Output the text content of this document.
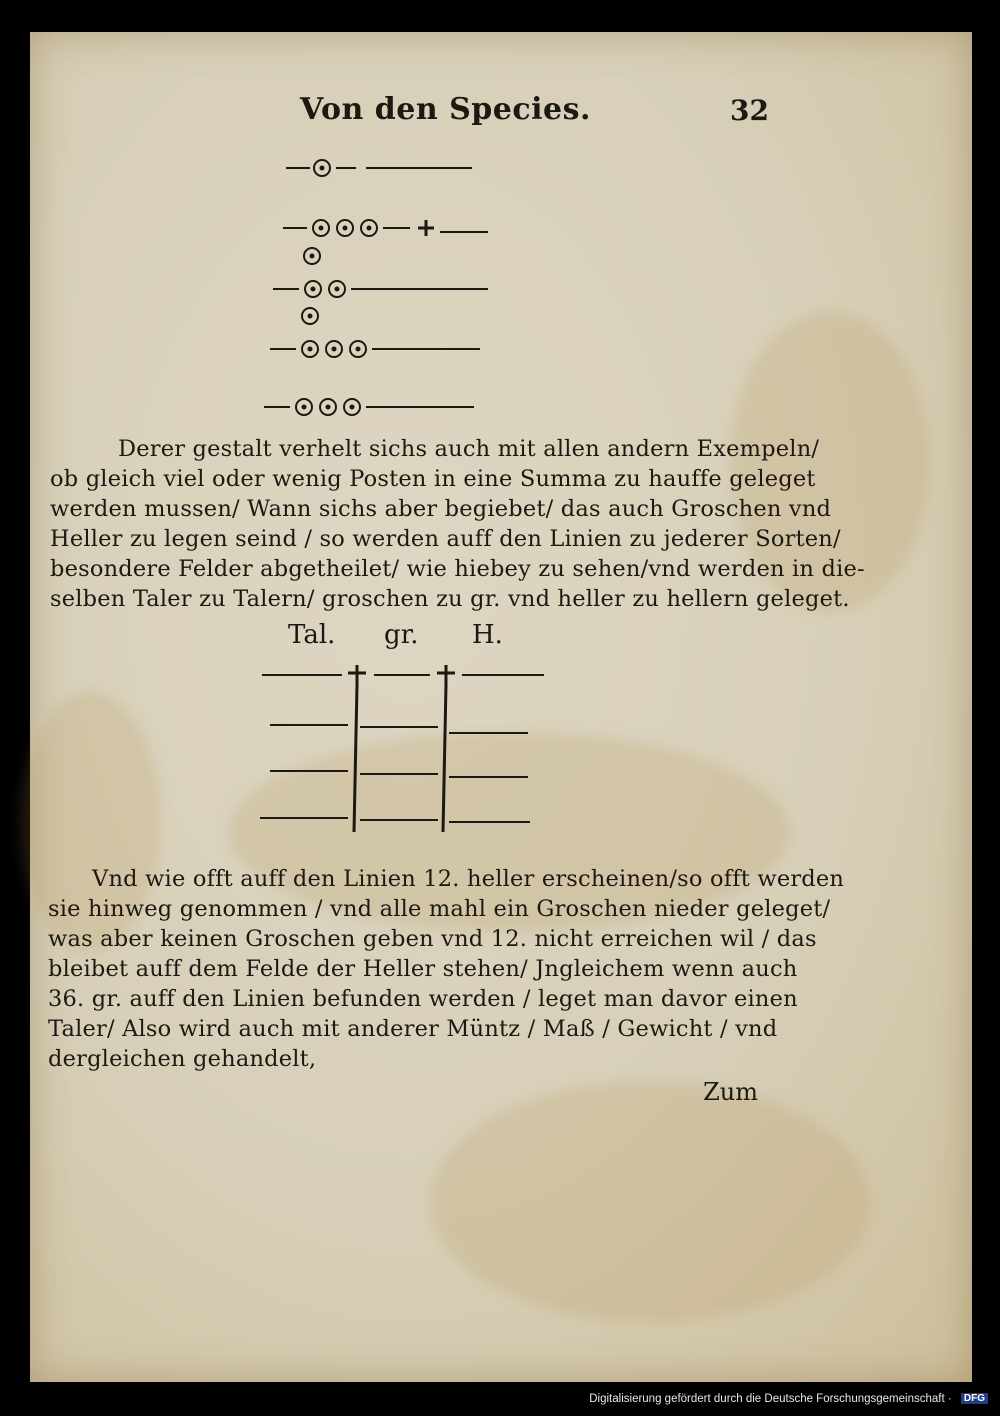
Von den Species.	32
Derer gestalt verhelt sichs auch mit allen andern Exempeln/
ob gleich viel oder wenig Posten in eine Summa zu hauffe geleget
werden mussen/ Wann sichs aber begiebet/ das auch Groschen vnd
Heller zu legen seind / so werden auff den Linien zu jederer Sorten/
besondere Felder abgetheilet/ wie hiebey zu sehen/vnd werden in die-
selben Taler zu Talern/ groschen zu gr. vnd heller zu hellern geleget.
Tal. gr. H.
Vnd wie offt auff den Linien 12. heller erscheinen/so offt werden
sie hinweg genommen / vnd alle mahl ein Groschen nieder geleget/
was aber keinen Groschen geben vnd 12. nicht erreichen wil / das
bleibet auff dem Felde der Heller stehen/ Jngleichem wenn auch
36. gr. auff den Linien befunden werden / leget man davor einen
Taler/ Also wird auch mit anderer Müntz / Maß / Gewicht / vnd
dergleichen gehandelt,
Zum
Digitalisierung gefördert durch die Deutsche Forschungsgemeinschaft · DFG
